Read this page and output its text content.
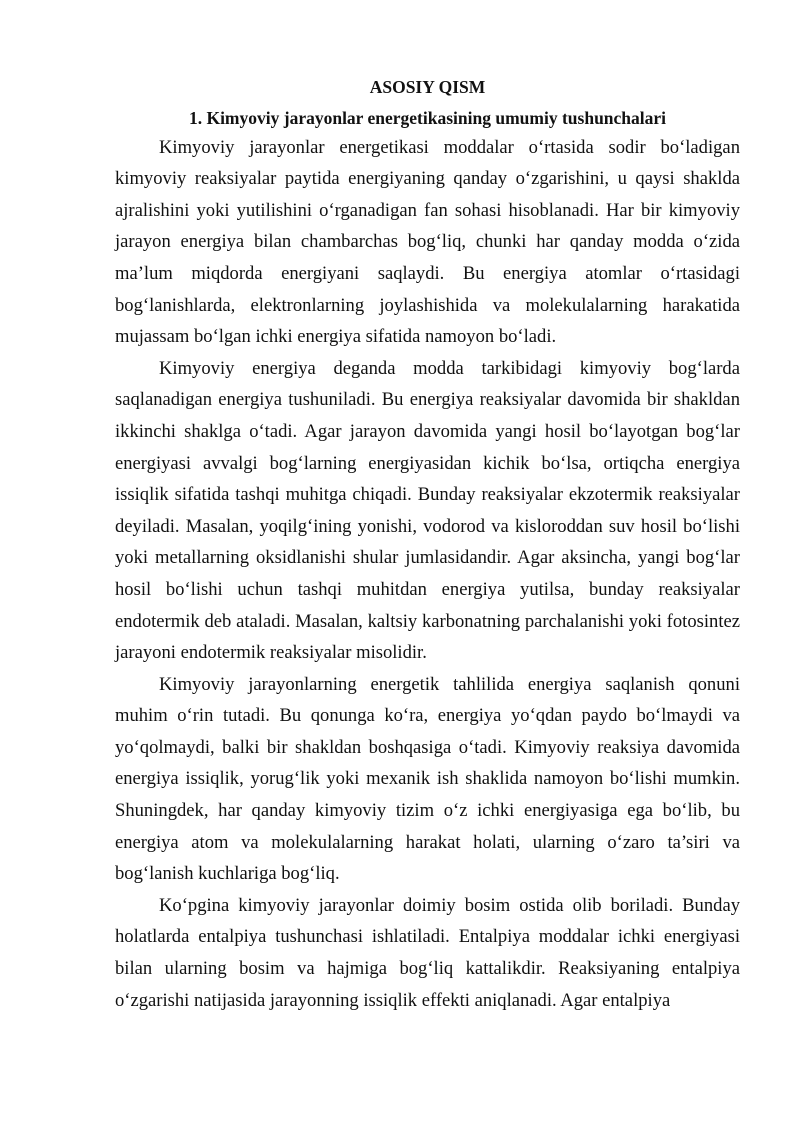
ASOSIY QISM

1. Kimyoviy jarayonlar energetikasining umumiy tushunchalari

Kimyoviy jarayonlar energetikasi moddalar o‘rtasida sodir bo‘ladigan kimyoviy reaksiyalar paytida energiyaning qanday o‘zgarishini, u qaysi shaklda ajralishini yoki yutilishini o‘rganadigan fan sohasi hisoblanadi. Har bir kimyoviy jarayon energiya bilan chambarchas bog‘liq, chunki har qanday modda o‘zida ma’lum miqdorda energiyani saqlaydi. Bu energiya atomlar o‘rtasidagi bog‘lanishlarda, elektronlarning joylashishida va molekulalarning harakatida mujassam bo‘lgan ichki energiya sifatida namoyon bo‘ladi.

Kimyoviy energiya deganda modda tarkibidagi kimyoviy bog‘larda saqlanadigan energiya tushuniladi. Bu energiya reaksiyalar davomida bir shakldan ikkinchi shaklga o‘tadi. Agar jarayon davomida yangi hosil bo‘layotgan bog‘lar energiyasi avvalgi bog‘larning energiyasidan kichik bo‘lsa, ortiqcha energiya issiqlik sifatida tashqi muhitga chiqadi. Bunday reaksiyalar ekzotermik reaksiyalar deyiladi. Masalan, yoqilg‘ining yonishi, vodorod va kisloroddan suv hosil bo‘lishi yoki metallarning oksidlanishi shular jumlasidandir. Agar aksincha, yangi bog‘lar hosil bo‘lishi uchun tashqi muhitdan energiya yutilsa, bunday reaksiyalar endotermik deb ataladi. Masalan, kaltsiy karbonatning parchalanishi yoki fotosintez jarayoni endotermik reaksiyalar misolidir.

Kimyoviy jarayonlarning energetik tahlilida energiya saqlanish qonuni muhim o‘rin tutadi. Bu qonunga ko‘ra, energiya yo‘qdan paydo bo‘lmaydi va yo‘qolmaydi, balki bir shakldan boshqasiga o‘tadi. Kimyoviy reaksiya davomida energiya issiqlik, yorug‘lik yoki mexanik ish shaklida namoyon bo‘lishi mumkin. Shuningdek, har qanday kimyoviy tizim o‘z ichki energiyasiga ega bo‘lib, bu energiya atom va molekulalarning harakat holati, ularning o‘zaro ta’siri va bog‘lanish kuchlariga bog‘liq.

Ko‘pgina kimyoviy jarayonlar doimiy bosim ostida olib boriladi. Bunday holatlarda entalpiya tushunchasi ishlatiladi. Entalpiya moddalar ichki energiyasi bilan ularning bosim va hajmiga bog‘liq kattalikdir. Reaksiyaning entalpiya o‘zgarishi natijasida jarayonning issiqlik effekti aniqlanadi. Agar entalpiya
